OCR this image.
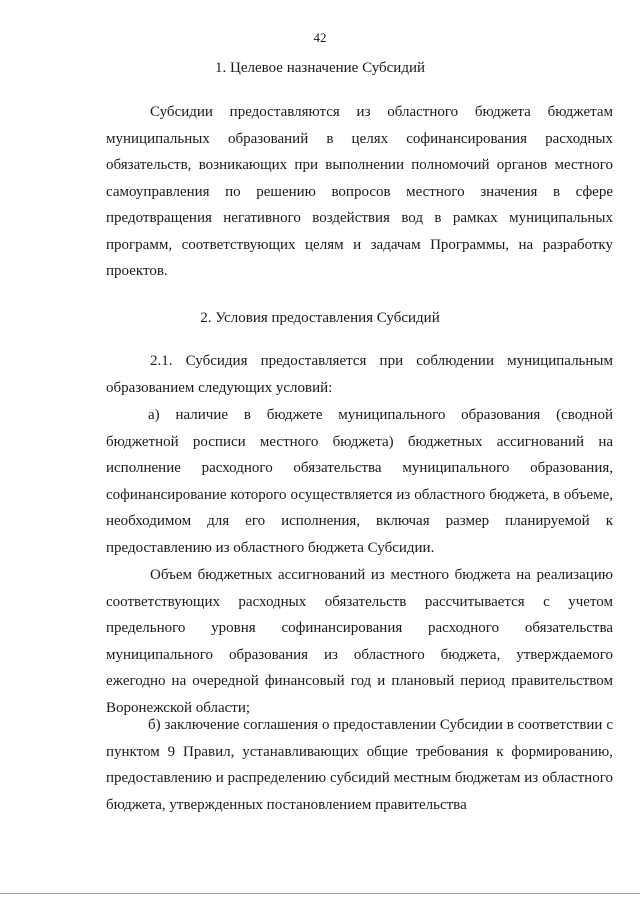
42
1. Целевое назначение Субсидий

Субсидии предоставляются из областного бюджета бюджетам муниципальных образований в целях софинансирования расходных обязательств, возникающих при выполнении полномочий органов местного самоуправления по решению вопросов местного значения в сфере предотвращения негативного воздействия вод в рамках муниципальных программ, соответствующих целям и задачам Программы, на разработку проектов.

2. Условия предоставления Субсидий

2.1. Субсидия предоставляется при соблюдении муниципальным образованием следующих условий:

а) наличие в бюджете муниципального образования (сводной бюджетной росписи местного бюджета) бюджетных ассигнований на исполнение расходного обязательства муниципального образования, софинансирование которого осуществляется из областного бюджета, в объеме, необходимом для его исполнения, включая размер планируемой к предоставлению из областного бюджета Субсидии.

Объем бюджетных ассигнований из местного бюджета на реализацию соответствующих расходных обязательств рассчитывается с учетом предельного уровня софинансирования расходного обязательства муниципального образования из областного бюджета, утверждаемого ежегодно на очередной финансовый год и плановый период правительством Воронежской области;

б) заключение соглашения о предоставлении Субсидии в соответствии с пунктом 9 Правил, устанавливающих общие требования к формированию, предоставлению и распределению субсидий местным бюджетам из областного бюджета, утвержденных постановлением правительства
